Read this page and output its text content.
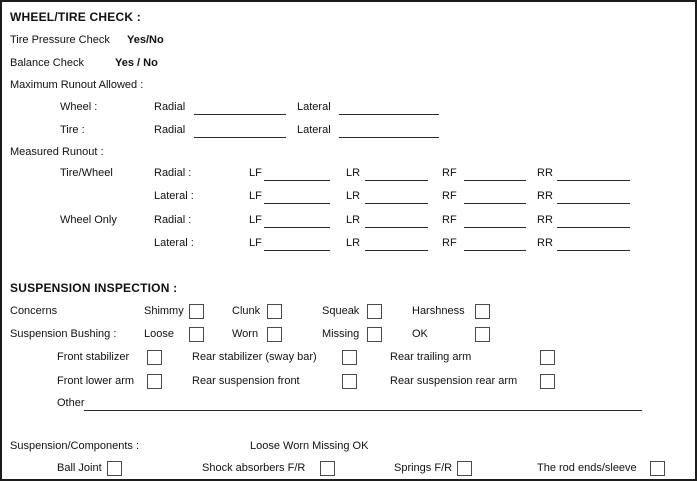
WHEEL/TIRE CHECK :
Tire Pressure Check Yes/No
Balance Check	Yes / No
Maximum Runout Allowed :
Wheel :	Radial	Lateral
Tire :	Radial	Lateral
Measured Runout :
Tire/Wheel	Radial :	LF	LR	RF	RR
Lateral :	LF	LR	RF	RR
Wheel Only	Radial :	LF	LR	RF	RR
Lateral :	LF	LR	RF	RR
SUSPENSION INSPECTION :
Concerns	Shimmy	Clunk	Squeak	Harshness
Suspension Bushing :	Loose	Worn	Missing	OK
Front stabilizer	Rear stabilizer (sway bar)	Rear trailing arm
Front lower arm	Rear suspension front	Rear suspension rear arm
Other
Suspension/Components :	Loose Worn Missing OK
Ball Joint	Shock absorbers F/R	Springs F/R	The rod ends/sleeve
